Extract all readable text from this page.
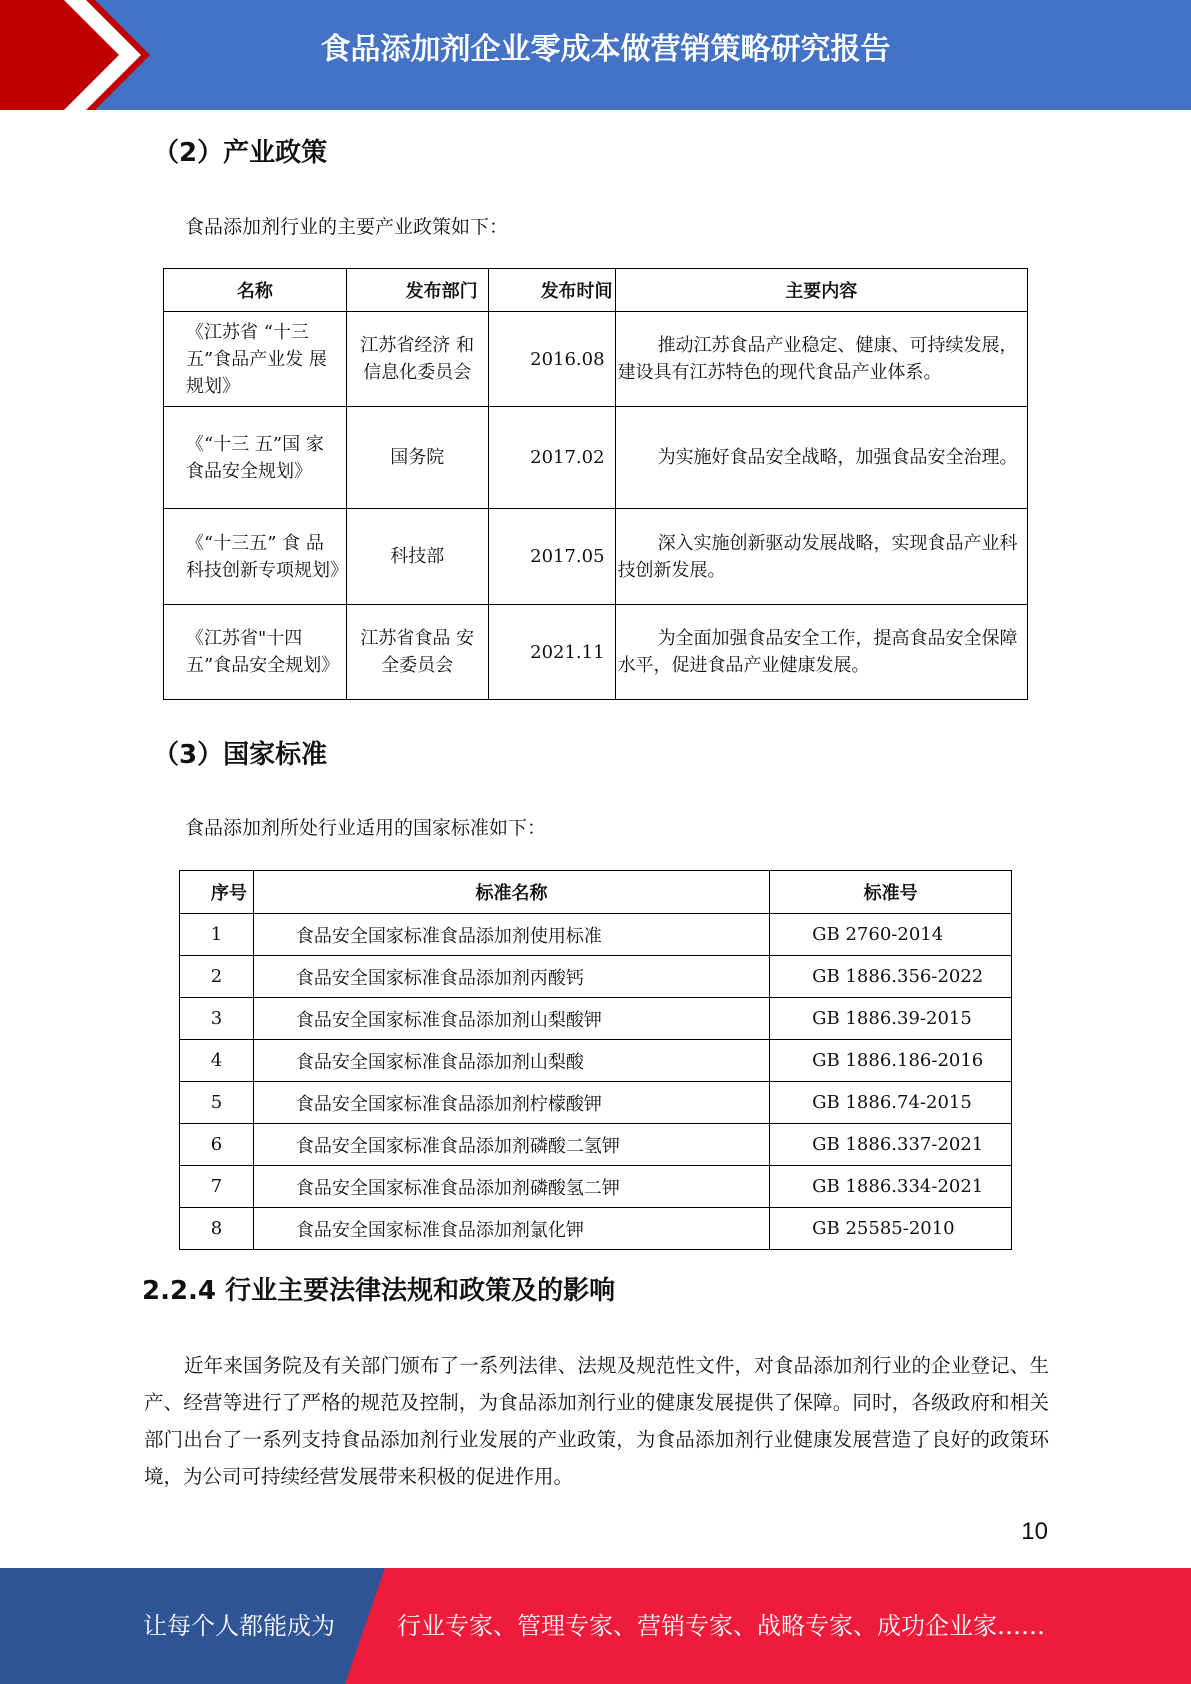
食品添加剂企业零成本做营销策略研究报告
（2）产业政策
食品添加剂行业的主要产业政策如下：
名称	发布部门	发布时间	主要内容
《江苏省 “十三 五”食品产业发 展规划》	江苏省经济 和信息化委员会	2016.08	推动江苏食品产业稳定、健康、可持续发展，建设具有江苏特色的现代食品产业体系。
《“十三 五”国 家食品安全规划》	国务院	2017.02	为实施好食品安全战略，加强食品安全治理。
《“十三五” 食 品科技创新专项规划》	科技部	2017.05	深入实施创新驱动发展战略，实现食品产业科技创新发展。
《江苏省"十四五”食品安全规划》	江苏省食品 安全委员会	2021.11	为全面加强食品安全工作，提高食品安全保障水平，促进食品产业健康发展。
（3）国家标准
食品添加剂所处行业适用的国家标准如下：
序号	标准名称	标准号
1	食品安全国家标准食品添加剂使用标准	GB 2760-2014
2	食品安全国家标准食品添加剂丙酸钙	GB 1886.356-2022
3	食品安全国家标准食品添加剂山梨酸钾	GB 1886.39-2015
4	食品安全国家标准食品添加剂山梨酸	GB 1886.186-2016
5	食品安全国家标准食品添加剂柠檬酸钾	GB 1886.74-2015
6	食品安全国家标准食品添加剂磷酸二氢钾	GB 1886.337-2021
7	食品安全国家标准食品添加剂磷酸氢二钾	GB 1886.334-2021
8	食品安全国家标准食品添加剂氯化钾	GB 25585-2010
2.2.4 行业主要法律法规和政策及的影响
近年来国务院及有关部门颁布了一系列法律、法规及规范性文件，对食品添加剂行业的企业登记、生产、经营等进行了严格的规范及控制，为食品添加剂行业的健康发展提供了保障。同时，各级政府和相关部门出台了一系列支持食品添加剂行业发展的产业政策，为食品添加剂行业健康发展营造了良好的政策环境，为公司可持续经营发展带来积极的促进作用。
10
让每个人都能成为	行业专家、管理专家、营销专家、战略专家、成功企业家……
